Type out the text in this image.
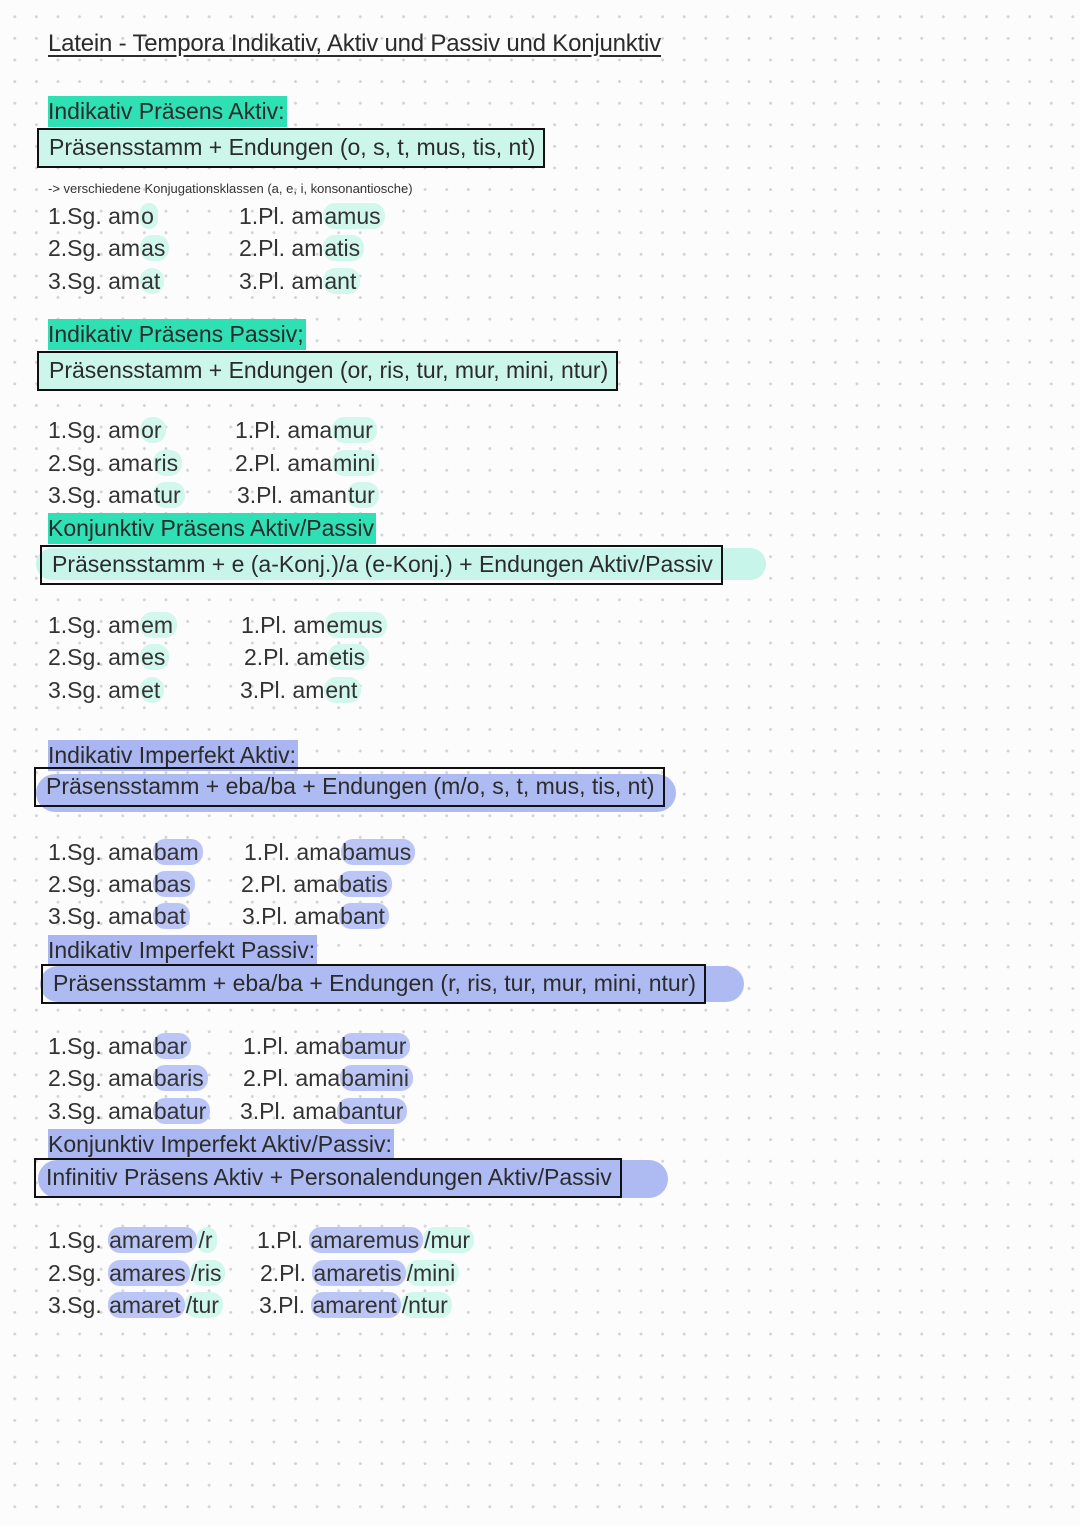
Latein - Tempora Indikativ, Aktiv und Passiv und Konjunktiv
Indikativ Präsens Aktiv:
Präsensstamm + Endungen (o, s, t, mus, tis, nt)
-> verschiedene Konjugationsklassen (a, e, i, konsonantiosche)
1.Sg. amo
2.Sg. amas
3.Sg. amat
1.Pl. amamus
2.Pl. amatis
3.Pl. amant
Indikativ Präsens Passiv;
Präsensstamm + Endungen (or, ris, tur, mur, mini, ntur)
1.Sg. amor
2.Sg. amaris
3.Sg. amatur
1.Pl. amamur
2.Pl. amamini
3.Pl. amantur
Konjunktiv Präsens Aktiv/Passiv
Präsensstamm + e (a-Konj.)/a (e-Konj.) + Endungen Aktiv/Passiv
1.Sg. amem
2.Sg. ames
3.Sg. amet
1.Pl. amemus
2.Pl. ametis
3.Pl. ament
Indikativ Imperfekt Aktiv:
Präsensstamm + eba/ba + Endungen (m/o, s, t, mus, tis, nt)
1.Sg. amabam
2.Sg. amabas
3.Sg. amabat
1.Pl. amabamus
2.Pl. amabatis
3.Pl. amabant
Indikativ Imperfekt Passiv:
Präsensstamm + eba/ba + Endungen (r, ris, tur, mur, mini, ntur)
1.Sg. amabar
2.Sg. amabaris
3.Sg. amabatur
1.Pl. amabamur
2.Pl. amabamini
3.Pl. amabantur
Konjunktiv Imperfekt Aktiv/Passiv:
Infinitiv Präsens Aktiv + Personalendungen Aktiv/Passiv
1.Sg. amarem /r
2.Sg. amares /ris
3.Sg. amaret /tur
1.Pl. amaremus /mur
2.Pl. amaretis /mini
3.Pl. amarent /ntur
